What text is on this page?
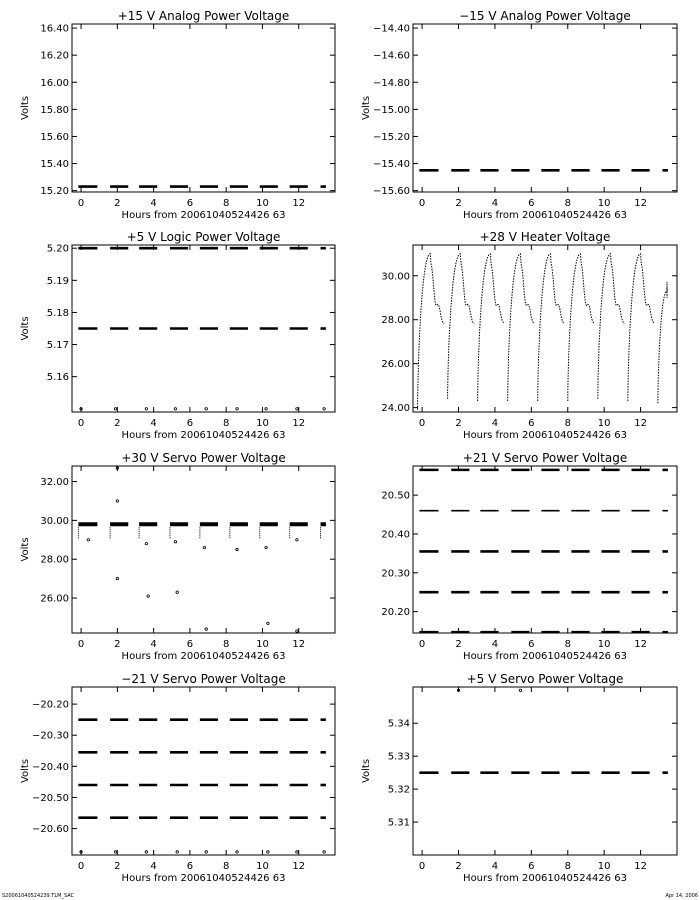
+15 V Analog Power Voltage
0	2	4	6	8	10 12
15.20
15.40
15.60
15.80
16.00
16.20
16.40
Hours from 20061040524426 63
Volts
−15 V Analog Power Voltage
0	2	4	6	8	10 12
−15.60
−15.40
−15.20
−15.00
−14.80
−14.60
−14.40
Hours from 20061040524426 63
Volts
+5 V Logic Power Voltage
0	2	4	6	8	10 12
5.16
5.17
5.18
5.19
5.20
Hours from 20061040524426 63
Volts
+28 V Heater Voltage
0	2	4	6	8	10 12
24.00
26.00
28.00
30.00
Hours from 20061040524426 63
+30 V Servo Power Voltage
0	2	4	6	8	10 12
26.00
28.00
30.00
32.00
Hours from 20061040524426 63
Volts
+21 V Servo Power Voltage
0	2	4	6	8	10 12
20.20
20.30
20.40
20.50
Hours from 20061040524426 63
−21 V Servo Power Voltage
0	2	4	6	8	10 12
−20.60
−20.50
−20.40
−20.30
−20.20
Hours from 20061040524426 63
Volts
+5 V Servo Power Voltage
0	2	4	6	8	10 12
5.31
5.32
5.33
5.34
Hours from 20061040524426 63
Volts
S20061040524239.TLM_SAC	Apr 14, 2006
